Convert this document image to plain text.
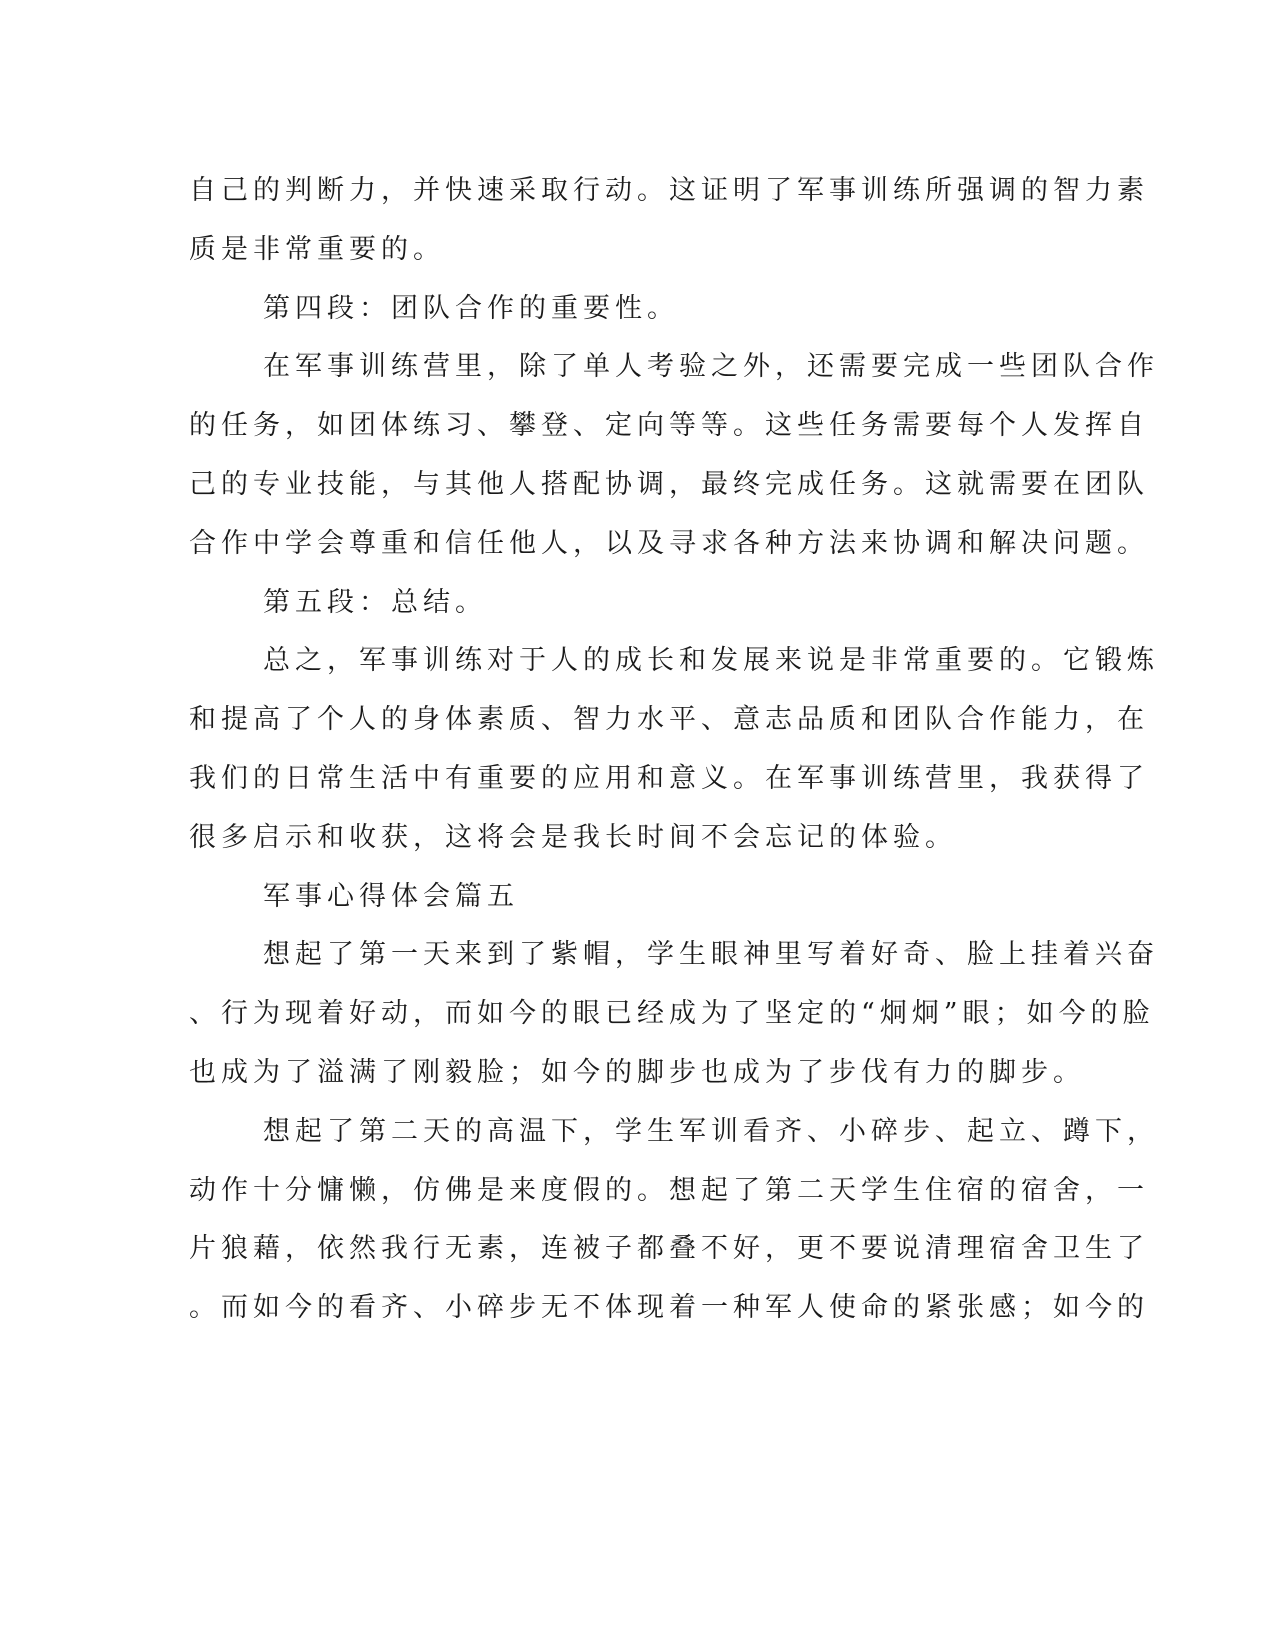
自己的判断力，并快速采取行动。这证明了军事训练所强调的智力素
质是非常重要的。
第四段：团队合作的重要性。
在军事训练营里，除了单人考验之外，还需要完成一些团队合作
的任务，如团体练习、攀登、定向等等。这些任务需要每个人发挥自
己的专业技能，与其他人搭配协调，最终完成任务。这就需要在团队
合作中学会尊重和信任他人，以及寻求各种方法来协调和解决问题。
第五段：总结。
总之，军事训练对于人的成长和发展来说是非常重要的。它锻炼
和提高了个人的身体素质、智力水平、意志品质和团队合作能力，在
我们的日常生活中有重要的应用和意义。在军事训练营里，我获得了
很多启示和收获，这将会是我长时间不会忘记的体验。
军事心得体会篇五
想起了第一天来到了紫帽，学生眼神里写着好奇、脸上挂着兴奋
、行为现着好动，而如今的眼已经成为了坚定的“炯炯”眼；如今的脸
也成为了溢满了刚毅脸；如今的脚步也成为了步伐有力的脚步。
想起了第二天的高温下，学生军训看齐、小碎步、起立、蹲下，
动作十分慵懒，仿佛是来度假的。想起了第二天学生住宿的宿舍，一
片狼藉，依然我行无素，连被子都叠不好，更不要说清理宿舍卫生了
。而如今的看齐、小碎步无不体现着一种军人使命的紧张感；如今的
